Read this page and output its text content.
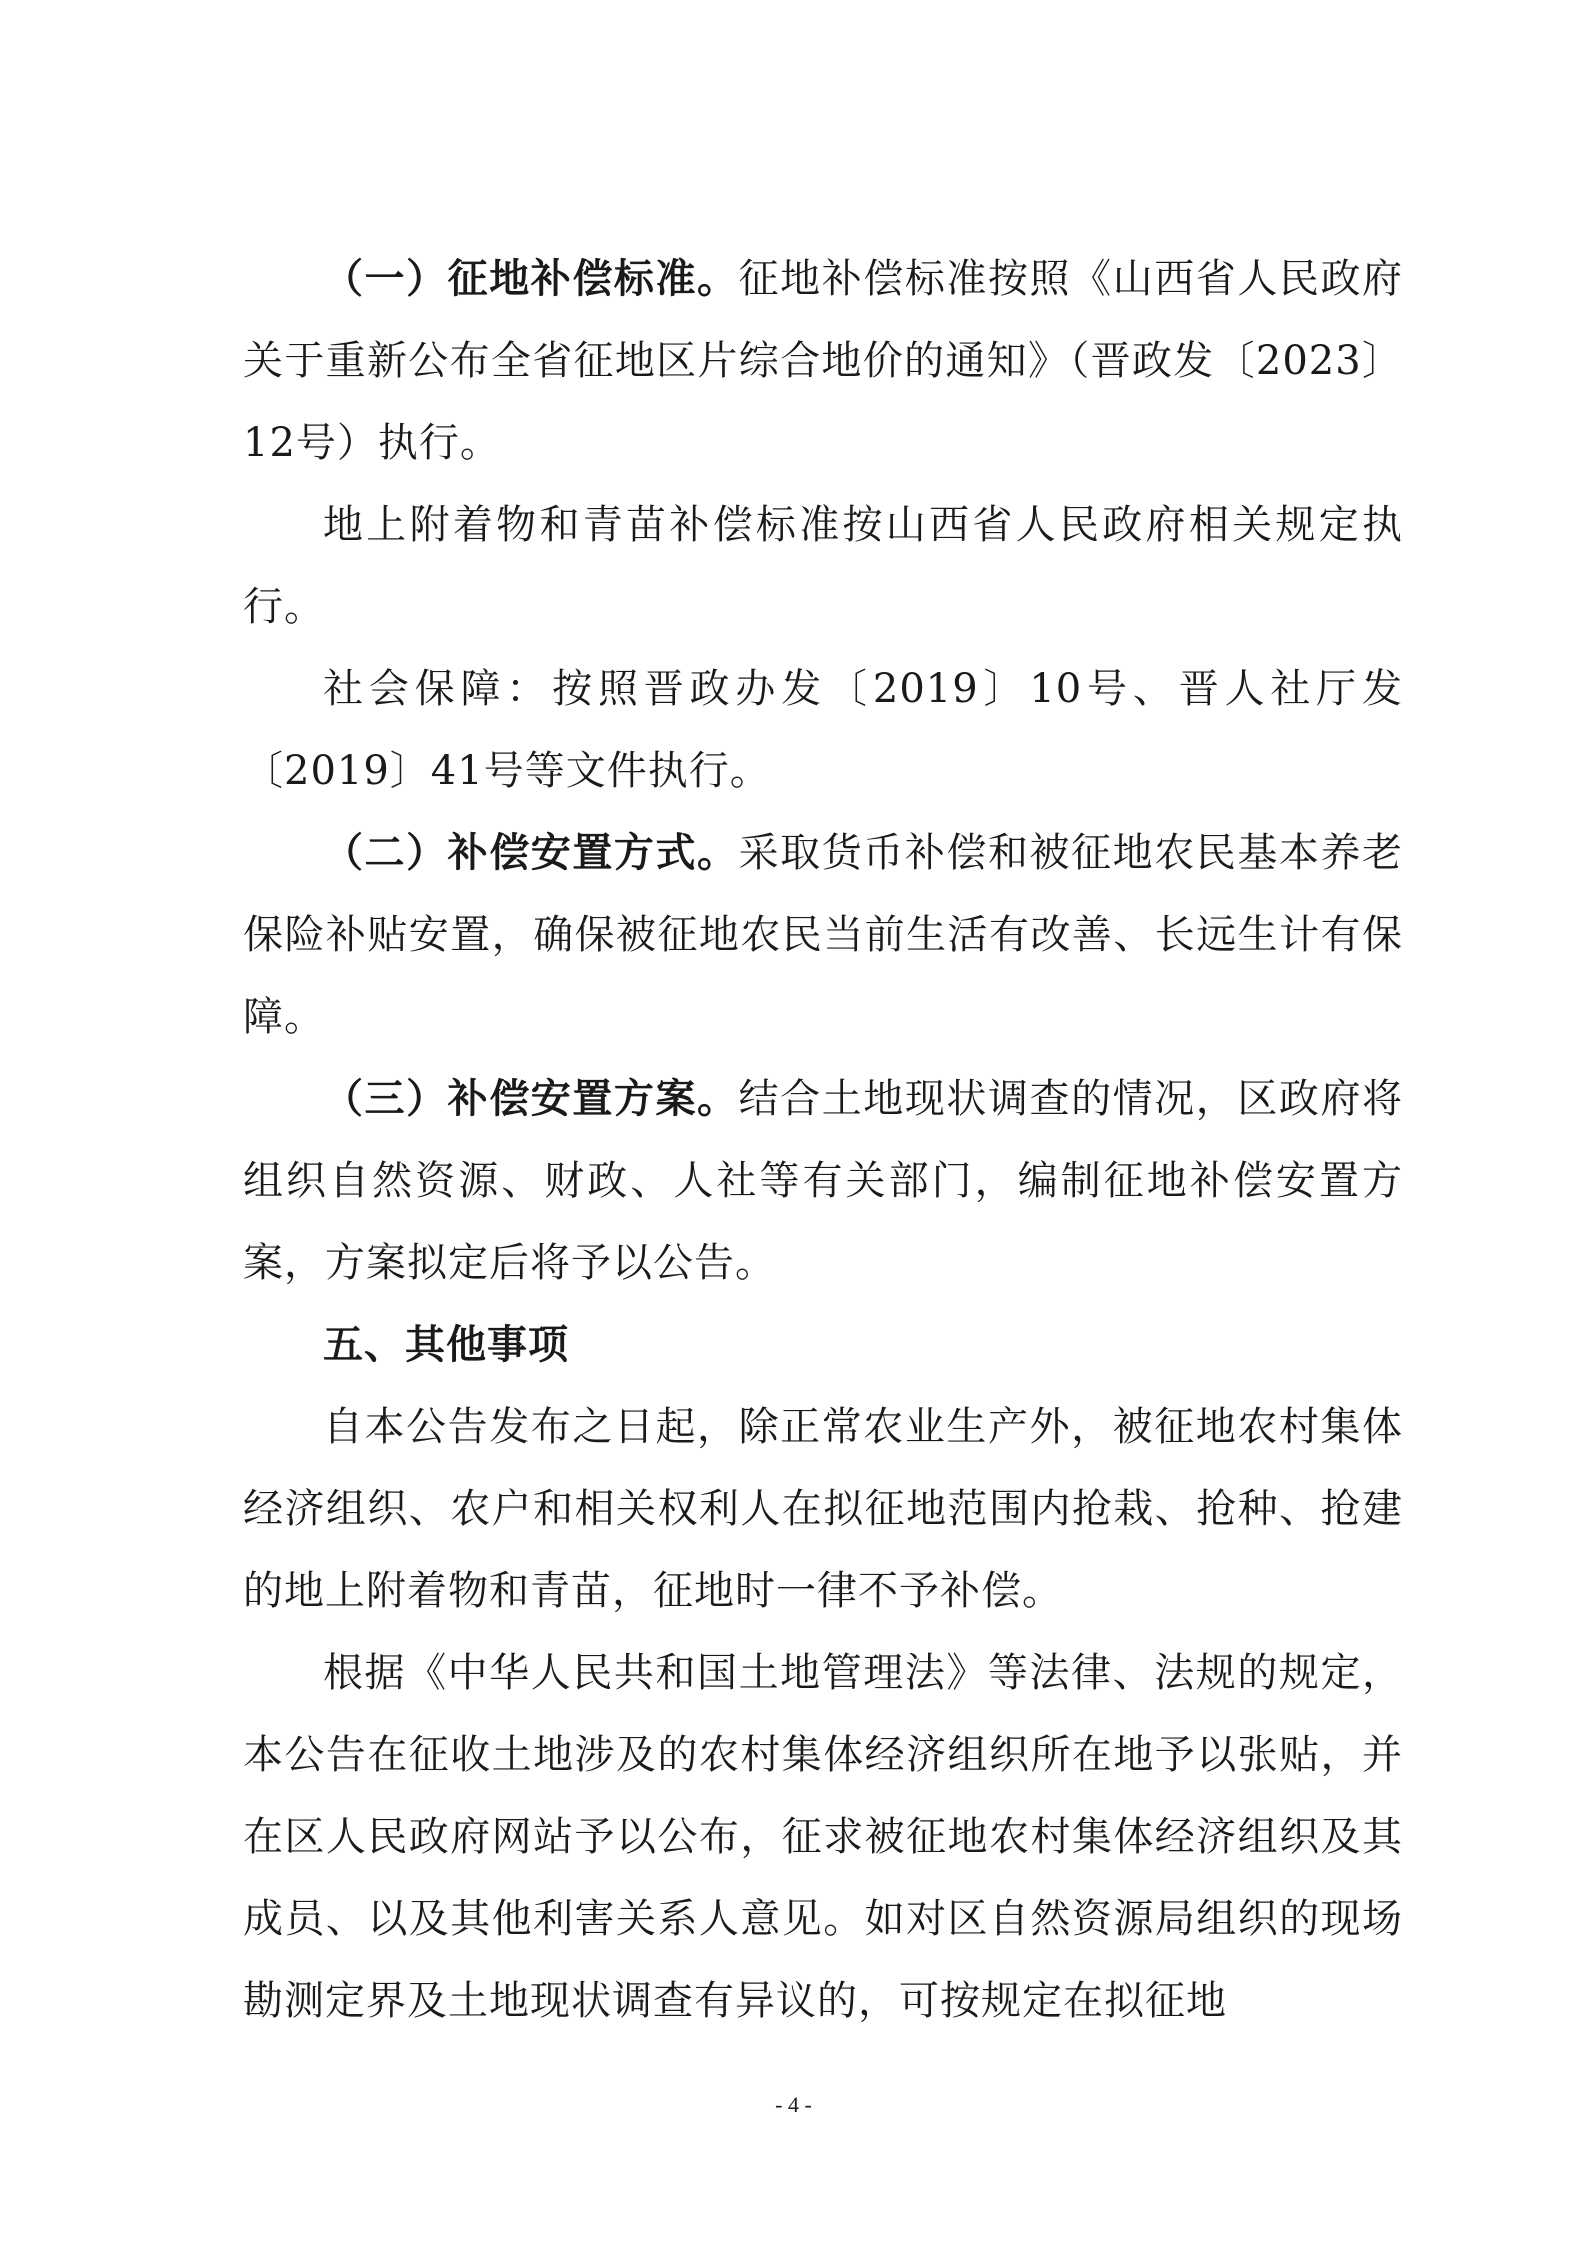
（一）征地补偿标准。征地补偿标准按照《山西省人民政府关于重新公布全省征地区片综合地价的通知》（晋政发〔2023〕12号）执行。

地上附着物和青苗补偿标准按山西省人民政府相关规定执行。

社会保障：按照晋政办发〔2019〕10号、晋人社厅发〔2019〕41号等文件执行。

（二）补偿安置方式。采取货币补偿和被征地农民基本养老保险补贴安置，确保被征地农民当前生活有改善、长远生计有保障。

（三）补偿安置方案。结合土地现状调查的情况，区政府将组织自然资源、财政、人社等有关部门，编制征地补偿安置方案，方案拟定后将予以公告。

五、其他事项

自本公告发布之日起，除正常农业生产外，被征地农村集体经济组织、农户和相关权利人在拟征地范围内抢栽、抢种、抢建的地上附着物和青苗，征地时一律不予补偿。

根据《中华人民共和国土地管理法》等法律、法规的规定，本公告在征收土地涉及的农村集体经济组织所在地予以张贴，并在区人民政府网站予以公布，征求被征地农村集体经济组织及其成员、以及其他利害关系人意见。如对区自然资源局组织的现场勘测定界及土地现状调查有异议的，可按规定在拟征地

- 4 -
